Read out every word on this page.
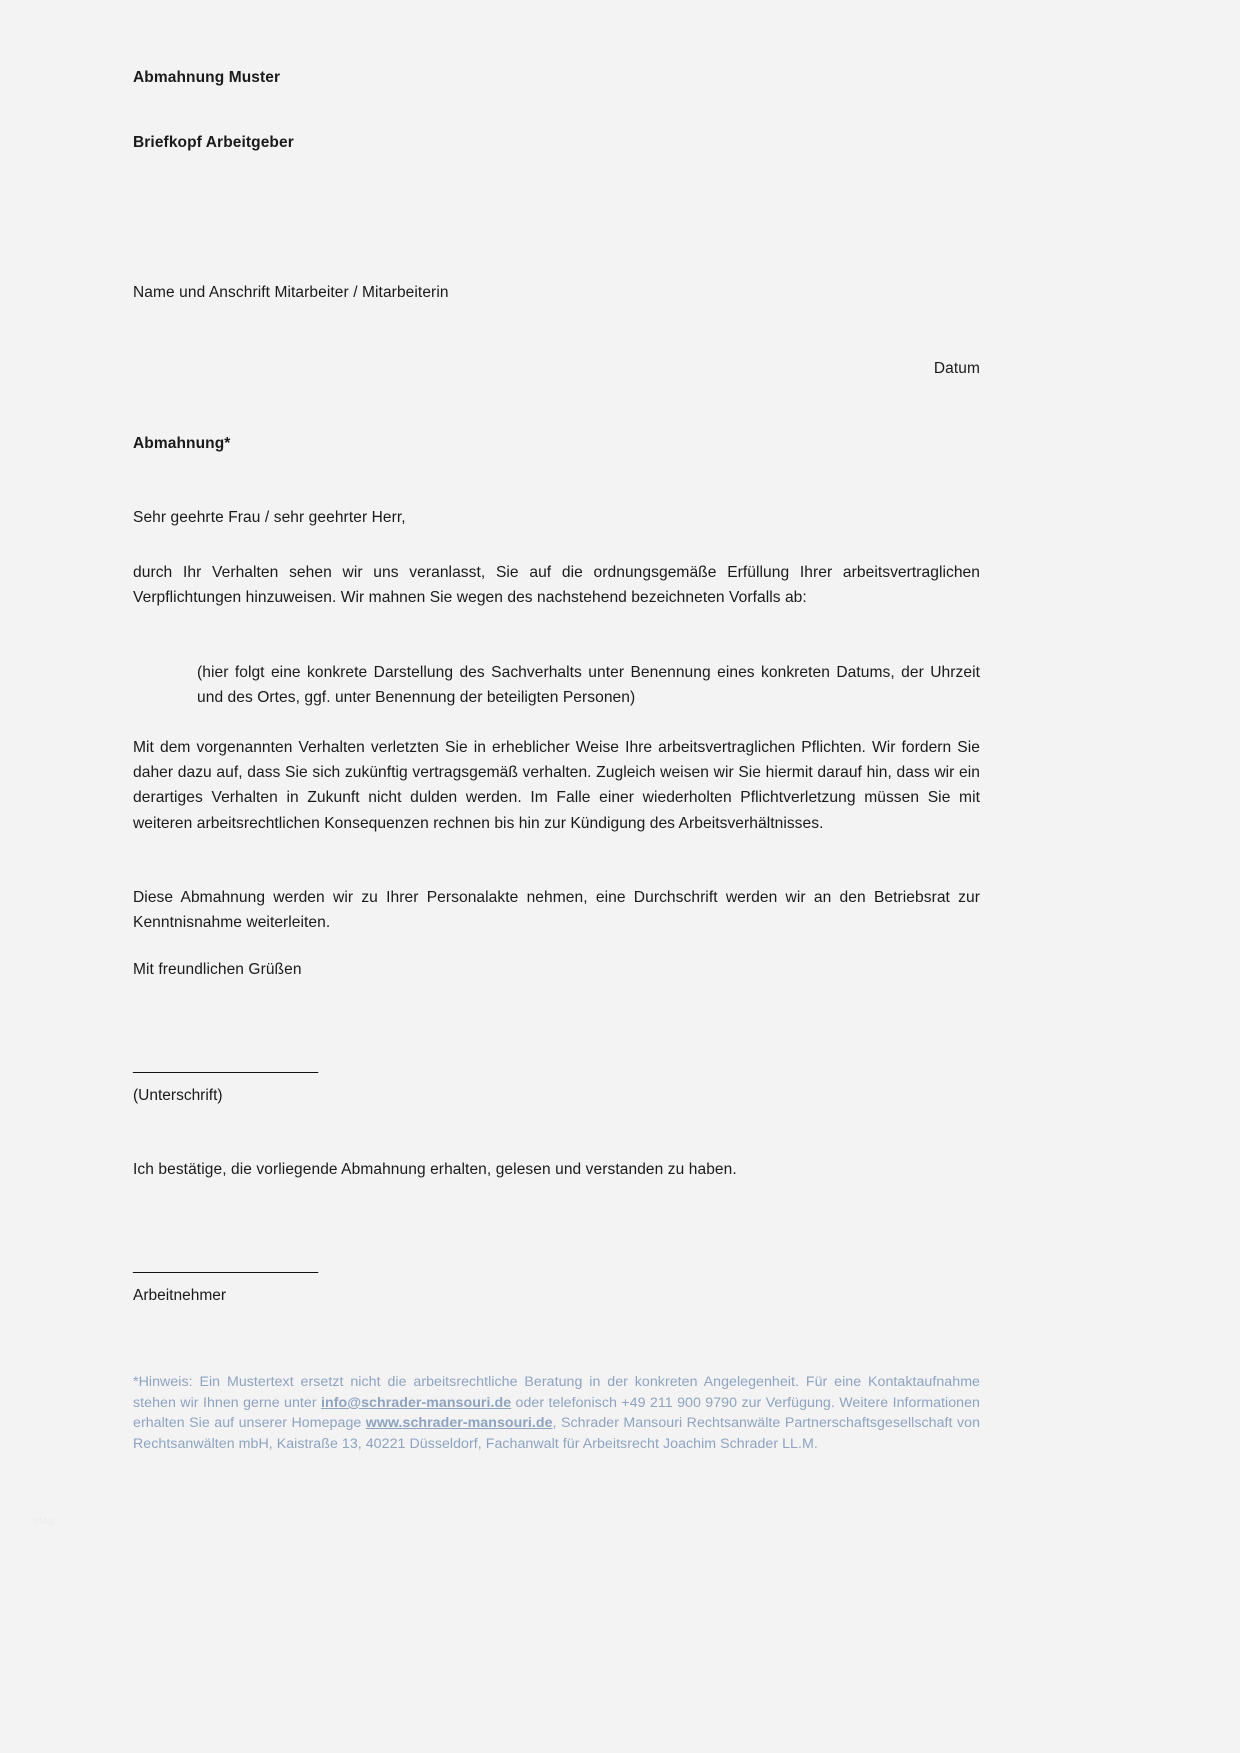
Abmahnung Muster
Briefkopf Arbeitgeber
Name und Anschrift Mitarbeiter / Mitarbeiterin
Datum
Abmahnung*
Sehr geehrte Frau / sehr geehrter Herr,

durch Ihr Verhalten sehen wir uns veranlasst, Sie auf die ordnungsgemäße Erfüllung Ihrer arbeitsvertraglichen Verpflichtungen hinzuweisen. Wir mahnen Sie wegen des nachstehend bezeichneten Vorfalls ab:

(hier folgt eine konkrete Darstellung des Sachverhalts unter Benennung eines konkreten Datums, der Uhrzeit und des Ortes, ggf. unter Benennung der beteiligten Personen)

Mit dem vorgenannten Verhalten verletzten Sie in erheblicher Weise Ihre arbeitsvertraglichen Pflichten. Wir fordern Sie daher dazu auf, dass Sie sich zukünftig vertragsgemäß verhalten. Zugleich weisen wir Sie hiermit darauf hin, dass wir ein derartiges Verhalten in Zukunft nicht dulden werden. Im Falle einer wiederholten Pflichtverletzung müssen Sie mit weiteren arbeitsrechtlichen Konsequenzen rechnen bis hin zur Kündigung des Arbeitsverhältnisses.

Diese Abmahnung werden wir zu Ihrer Personalakte nehmen, eine Durchschrift werden wir an den Betriebsrat zur Kenntnisnahme weiterleiten.

Mit freundlichen Grüßen
_______________________
(Unterschrift)
Ich bestätige, die vorliegende Abmahnung erhalten, gelesen und verstanden zu haben.
_______________________
Arbeitnehmer

*Hinweis: Ein Mustertext ersetzt nicht die arbeitsrechtliche Beratung in der konkreten Angelegenheit. Für eine Kontaktaufnahme stehen wir Ihnen gerne unter info@schrader-mansouri.de oder telefonisch +49 211 900 9790 zur Verfügung. Weitere Informationen erhalten Sie auf unserer Homepage www.schrader-mansouri.de, Schrader Mansouri Rechtsanwälte Partnerschaftsgesellschaft von Rechtsanwälten mbH, Kaistraße 13, 40221 Düsseldorf, Fachanwalt für Arbeitsrecht Joachim Schrader LL.M.

blog
